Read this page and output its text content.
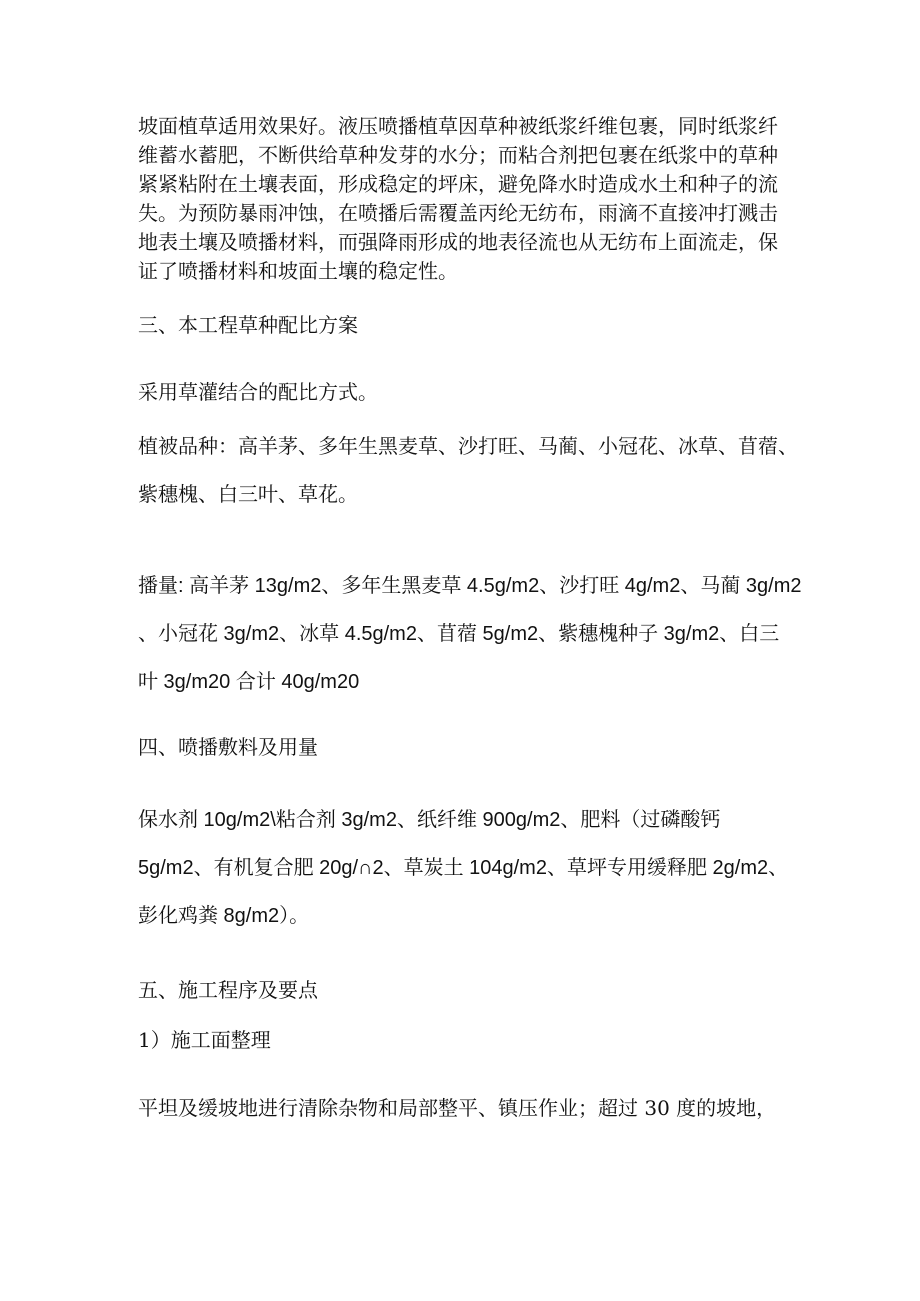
坡面植草适用效果好。液压喷播植草因草种被纸浆纤维包裹，同时纸浆纤
维蓄水蓄肥，不断供给草种发芽的水分；而粘合剂把包裹在纸浆中的草种
紧紧粘附在土壤表面，形成稳定的坪床，避免降水时造成水土和种子的流
失。为预防暴雨冲蚀，在喷播后需覆盖丙纶无纺布，雨滴不直接冲打溅击
地表土壤及喷播材料，而强降雨形成的地表径流也从无纺布上面流走，保
证了喷播材料和坡面土壤的稳定性。
三、本工程草种配比方案
采用草灌结合的配比方式。
植被品种：高羊茅、多年生黑麦草、沙打旺、马蔺、小冠花、冰草、苜蓿、
紫穗槐、白三叶、草花。
播量: 高羊茅 13g/m2、多年生黑麦草 4.5g/m2、沙打旺 4g/m2、马蔺 3g/m2
、小冠花 3g/m2、冰草 4.5g/m2、苜蓿 5g/m2、紫穗槐种子 3g/m2、白三
叶 3g/m20 合计 40g/m20
四、喷播敷料及用量
保水剂 10g/m2\粘合剂 3g/m2、纸纤维 900g/m2、肥料（过磷酸钙
5g/m2、有机复合肥 20g/∩2、草炭土 104g/m2、草坪专用缓释肥 2g/m2、
彭化鸡粪 8g/m2）。
五、施工程序及要点
1）施工面整理
平坦及缓坡地进行清除杂物和局部整平、镇压作业；超过 30 度的坡地，
